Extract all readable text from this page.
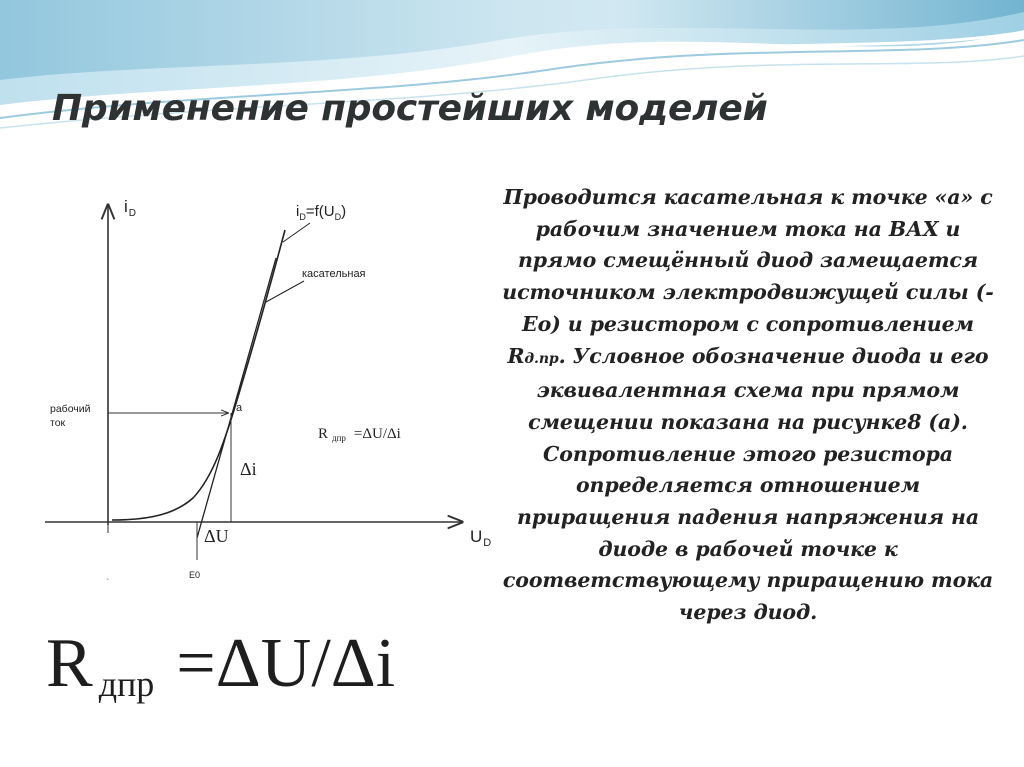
Применение простейших моделей
$i_D$
$U_D$
$i_D=f(U_D)$
касательная
рабочий
ток
a
Δi
ΔU
E0
`
R $_{дпр}$ =ΔU/Δi
Rдпр =ΔU/Δi

Проводится касательная к точке «а» с рабочим значением тока на ВАХ и прямо смещённый диод замещается источником электродвижущей силы (-Ео) и резистором с сопротивлением Rд.пр. Условное обозначение диода и его эквивалентная схема при прямом смещении показана на рисунке8 (а). Сопротивление этого резистора определяется отношением приращения падения напряжения на диоде в рабочей точке к соответствующему приращению тока через диод.
